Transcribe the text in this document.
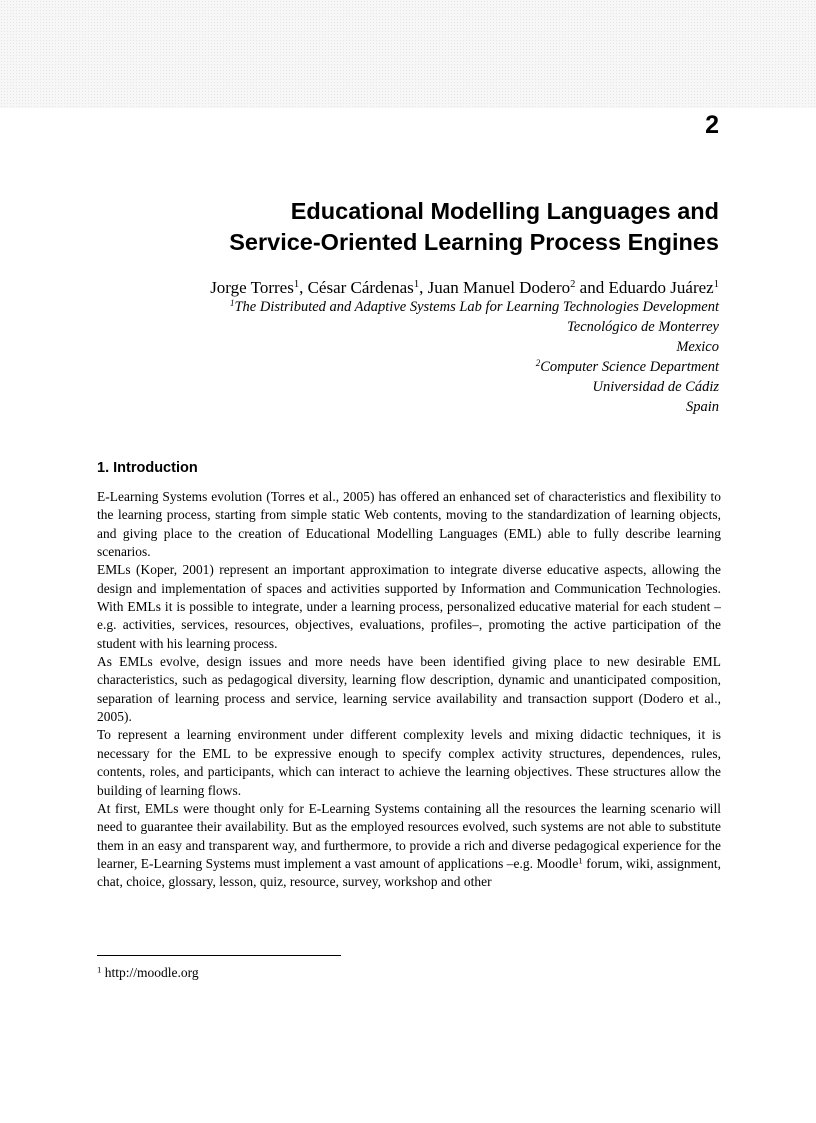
2
Educational Modelling Languages and
Service-Oriented Learning Process Engines
Jorge Torres$^1$, César Cárdenas$^1$, Juan Manuel Dodero$^2$ and Eduardo Juárez$^1$
$^1$The Distributed and Adaptive Systems Lab for Learning Technologies Development
Tecnológico de Monterrey
Mexico
$^2$Computer Science Department
Universidad de Cádiz
Spain
1. Introduction

E-Learning Systems evolution (Torres et al., 2005) has offered an enhanced set of characteristics and flexibility to the learning process, starting from simple static Web contents, moving to the standardization of learning objects, and giving place to the creation of Educational Modelling Languages (EML) able to fully describe learning scenarios.

EMLs (Koper, 2001) represent an important approximation to integrate diverse educative aspects, allowing the design and implementation of spaces and activities supported by Information and Communication Technologies. With EMLs it is possible to integrate, under a learning process, personalized educative material for each student –e.g. activities, services, resources, objectives, evaluations, profiles–, promoting the active participation of the student with his learning process.

As EMLs evolve, design issues and more needs have been identified giving place to new desirable EML characteristics, such as pedagogical diversity, learning flow description, dynamic and unanticipated composition, separation of learning process and service, learning service availability and transaction support (Dodero et al., 2005).

To represent a learning environment under different complexity levels and mixing didactic techniques, it is necessary for the EML to be expressive enough to specify complex activity structures, dependences, rules, contents, roles, and participants, which can interact to achieve the learning objectives. These structures allow the building of learning flows.

At first, EMLs were thought only for E-Learning Systems containing all the resources the learning scenario will need to guarantee their availability. But as the employed resources evolved, such systems are not able to substitute them in an easy and transparent way, and furthermore, to provide a rich and diverse pedagogical experience for the learner, E-Learning Systems must implement a vast amount of applications –e.g. Moodle$^1$ forum, wiki, assignment, chat, choice, glossary, lesson, quiz, resource, survey, workshop and other

$^1$ http://moodle.org
